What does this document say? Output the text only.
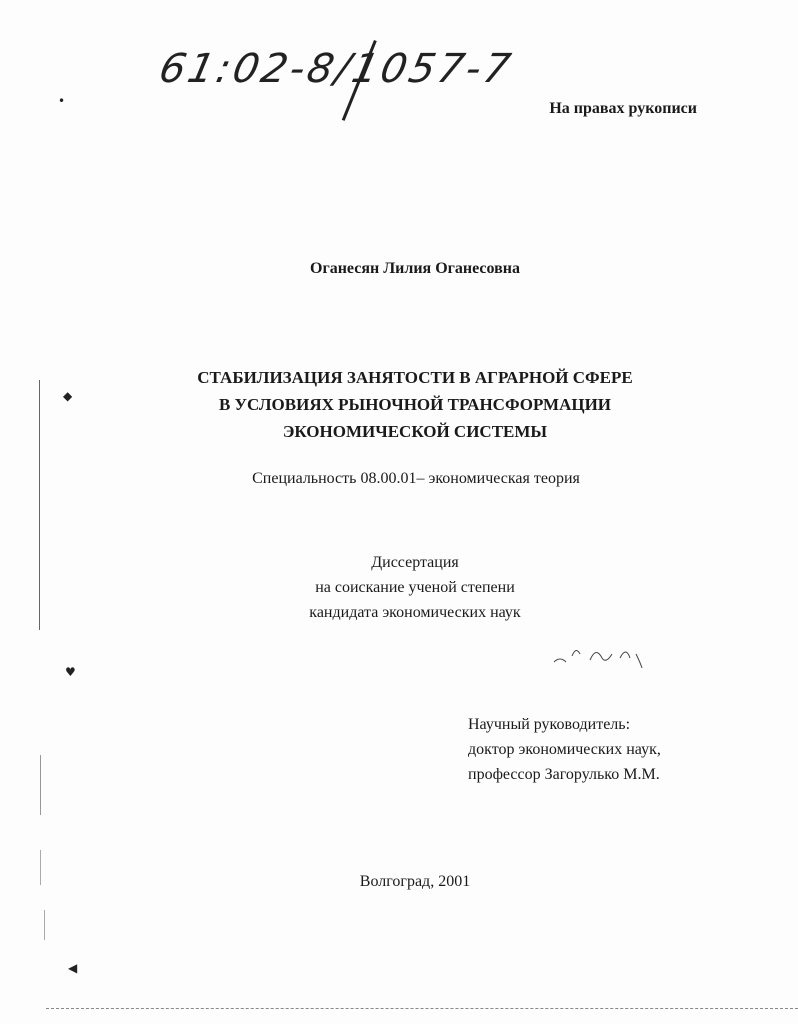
61:02-8/1057-7
На правах рукописи
Оганесян Лилия Оганесовна
СТАБИЛИЗАЦИЯ ЗАНЯТОСТИ В АГРАРНОЙ СФЕРЕ
В УСЛОВИЯХ РЫНОЧНОЙ ТРАНСФОРМАЦИИ
ЭКОНОМИЧЕСКОЙ СИСТЕМЫ
Специальность 08.00.01– экономическая теория
Диссертация
на соискание ученой степени
кандидата экономических наук
Научный руководитель:
доктор экономических наук,
профессор Загорулько М.М.
Волгоград, 2001
•
◆
♥
◀
